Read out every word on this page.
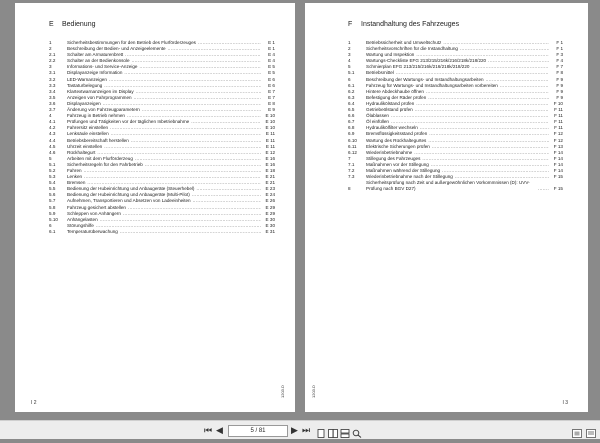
E Bedienung
1	Sicherheitsbestimmungen für den Betrieb des Flurförderzeuges .....	E 1
2	Beschreibung der Bedien- und Anzeigeelemente .....	E 1
2.1	Schalter am Armaturenbrett .....	E 4
2.2	Schalter an der Bedienkonsole .....	E 4
3	Informations- und Service-Anzeige .....	E 5
3.1	Displayanzeige Information .....	E 5
3.2	LED-Warnanzeigen .....	E 6
3.3	Tastaturbelegung .....	E 6
3.4	Klartextwarnanzeigen im Display .....	E 7
3.5	Anzeigen von Fahrprogrammen .....	E 7
3.6	Displayanzeigen .....	E 8
3.7	Änderung von Fahrzeugparametern .....	E 9
4	Fahrzeug in Betrieb nehmen .....	E 10
4.1	Prüfungen und Tätigkeiten vor der täglichen Inbetriebnahme .....	E 10
4.2	Fahrersitz einstellen .....	E 10
4.3	Lenksäule einstellen .....	E 11
4.4	Betriebsbereitschaft herstellen .....	E 11
4.5	Uhrzeit einstellen .....	E 11
4.6	Rückhaltegurt .....	E 12
5	Arbeiten mit dem Flurförderzeug .....	E 16
5.1	Sicherheitsregeln für den Fahrbetrieb .....	E 16
5.2	Fahren .....	E 18
5.3	Lenken .....	E 21
5.4	Bremsen .....	E 21
5.5	Bedienung der Hubeinrichtung und Anbaugeräte (Steuerhebel) .....	E 23
5.6	Bedienung der Hubeinrichtung und Anbaugeräte (Multi-Pilot) .....	E 24
5.7	Aufnehmen, Transportieren und Absetzen von Ladeeinheiten .....	E 26
5.8	Fahrzeug gesichert abstellen .....	E 29
5.9	Schleppen von Anhängern .....	E 29
5.10	Anhängelasten .....	E 30
6	Störungshilfe .....	E 30
6.1	Temperaturüberwachung .....	E 31
I 2
1203.D	1203.D
F Instandhaltung des Fahrzeuges
1	Betriebssicherheit und Umweltschutz .....	F 1
2	Sicherheitsvorschriften für die Instandhaltung .....	F 1
3	Wartung und Inspektion .....	F 3
4	Wartungs-Checkliste EFG 213/215/216k/216/218k/218/220 .....	F 4
5	Schmierplan EFG 213/215/216k/216/218k/218/220 .....	F 7
5.1	Betriebsmittel .....	F 8
6	Beschreibung der Wartungs- und Instandhaltungsarbeiten .....	F 9
6.1	Fahrzeug für Wartungs- und Instandhaltungsarbeiten vorbereiten .....	F 9
6.2	Hintere Abdeckhaube öffnen .....	F 9
6.3	Befestigung der Räder prüfen .....	F 9
6.4	Hydraulikölstand prüfen .....	F 10
6.5	Getriebeölstand prüfen .....	F 11
6.6	Ölablassen .....	F 11
6.7	Öl einfüllen .....	F 11
6.8	Hydraulikölfilter wechseln .....	F 11
6.9	Bremsflüssigkeitsstand prüfen .....	F 12
6.10	Wartung des Rückhaltegurtes .....	F 12
6.11	Elektrische Sicherungen prüfen .....	F 13
6.12	Wiederinbetriebnahme .....	F 14
7	Stillegung des Fahrzeuges .....	F 14
7.1	Maßnahmen vor der Stillegung .....	F 14
7.2	Maßnahmen während der Stillegung .....	F 14
7.3	Wiederinbetriebnahme nach der Stillegung .....	F 15
8
Sicherheitsprüfung nach Zeit und außergewöhnlichen Vorkommnissen (D): UVV-Prüfung nach BGV D27) .....	F 15
I 3
⏮ ◀	5 / 81	▶ ⏭
